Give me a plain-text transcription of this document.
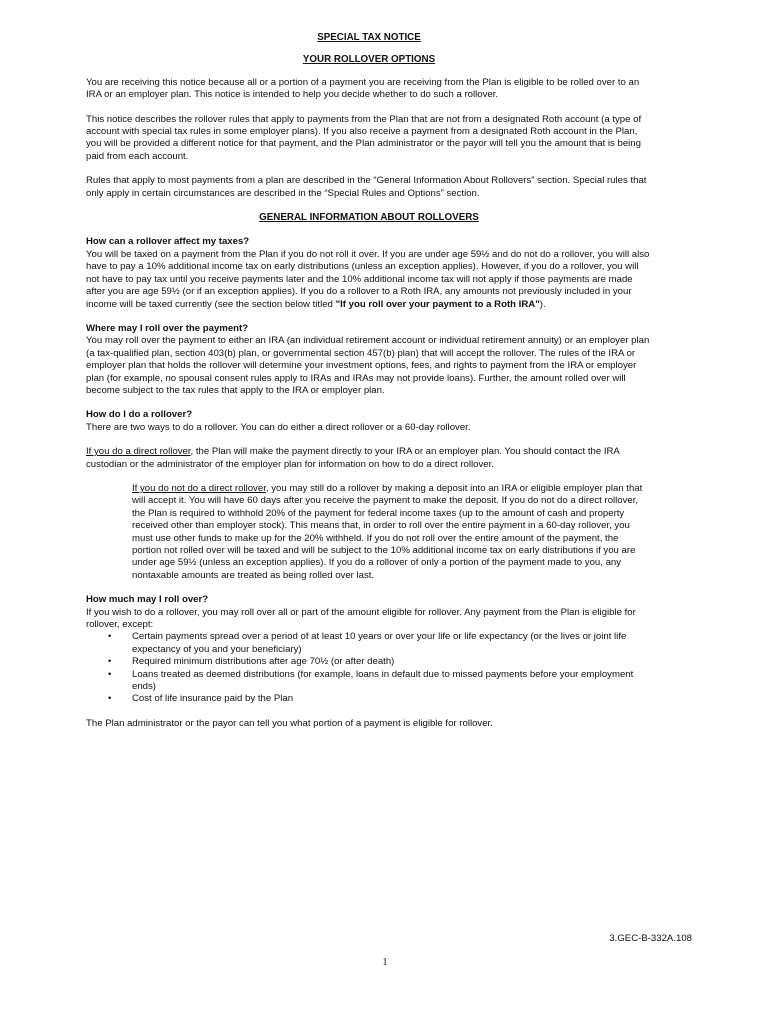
SPECIAL TAX NOTICE
YOUR ROLLOVER OPTIONS

You are receiving this notice because all or a portion of a payment you are receiving from the Plan is eligible to be rolled over to an IRA or an employer plan. This notice is intended to help you decide whether to do such a rollover.

This notice describes the rollover rules that apply to payments from the Plan that are not from a designated Roth account (a type of account with special tax rules in some employer plans). If you also receive a payment from a designated Roth account in the Plan, you will be provided a different notice for that payment, and the Plan administrator or the payor will tell you the amount that is being paid from each account.

Rules that apply to most payments from a plan are described in the “General Information About Rollovers” section. Special rules that only apply in certain circumstances are described in the “Special Rules and Options” section.

GENERAL INFORMATION ABOUT ROLLOVERS

How can a rollover affect my taxes?
You will be taxed on a payment from the Plan if you do not roll it over. If you are under age 59½ and do not do a rollover, you will also have to pay a 10% additional income tax on early distributions (unless an exception applies). However, if you do a rollover, you will not have to pay tax until you receive payments later and the 10% additional income tax will not apply if those payments are made after you are age 59½ (or if an exception applies). If you do a rollover to a Roth IRA, any amounts not previously included in your income will be taxed currently (see the section below titled "If you roll over your payment to a Roth IRA").

Where may I roll over the payment?
You may roll over the payment to either an IRA (an individual retirement account or individual retirement annuity) or an employer plan (a tax-qualified plan, section 403(b) plan, or governmental section 457(b) plan) that will accept the rollover. The rules of the IRA or employer plan that holds the rollover will determine your investment options, fees, and rights to payment from the IRA or employer plan (for example, no spousal consent rules apply to IRAs and IRAs may not provide loans). Further, the amount rolled over will become subject to the tax rules that apply to the IRA or employer plan.

How do I do a rollover?
There are two ways to do a rollover. You can do either a direct rollover or a 60-day rollover.

If you do a direct rollover, the Plan will make the payment directly to your IRA or an employer plan. You should contact the IRA custodian or the administrator of the employer plan for information on how to do a direct rollover.

If you do not do a direct rollover, you may still do a rollover by making a deposit into an IRA or eligible employer plan that will accept it. You will have 60 days after you receive the payment to make the deposit. If you do not do a direct rollover, the Plan is required to withhold 20% of the payment for federal income taxes (up to the amount of cash and property received other than employer stock). This means that, in order to roll over the entire payment in a 60-day rollover, you must use other funds to make up for the 20% withheld. If you do not roll over the entire amount of the payment, the portion not rolled over will be taxed and will be subject to the 10% additional income tax on early distributions if you are under age 59½ (unless an exception applies). If you do a rollover of only a portion of the payment made to you, any nontaxable amounts are treated as being rolled over last.

How much may I roll over?
If you wish to do a rollover, you may roll over all or part of the amount eligible for rollover. Any payment from the Plan is eligible for rollover, except:

• Certain payments spread over a period of at least 10 years or over your life or life expectancy (or the lives or joint life expectancy of you and your beneficiary)
• Required minimum distributions after age 70½ (or after death)
• Loans treated as deemed distributions (for example, loans in default due to missed payments before your employment ends)
• Cost of life insurance paid by the Plan

The Plan administrator or the payor can tell you what portion of a payment is eligible for rollover.

3.GEC-B-332A.108
1
